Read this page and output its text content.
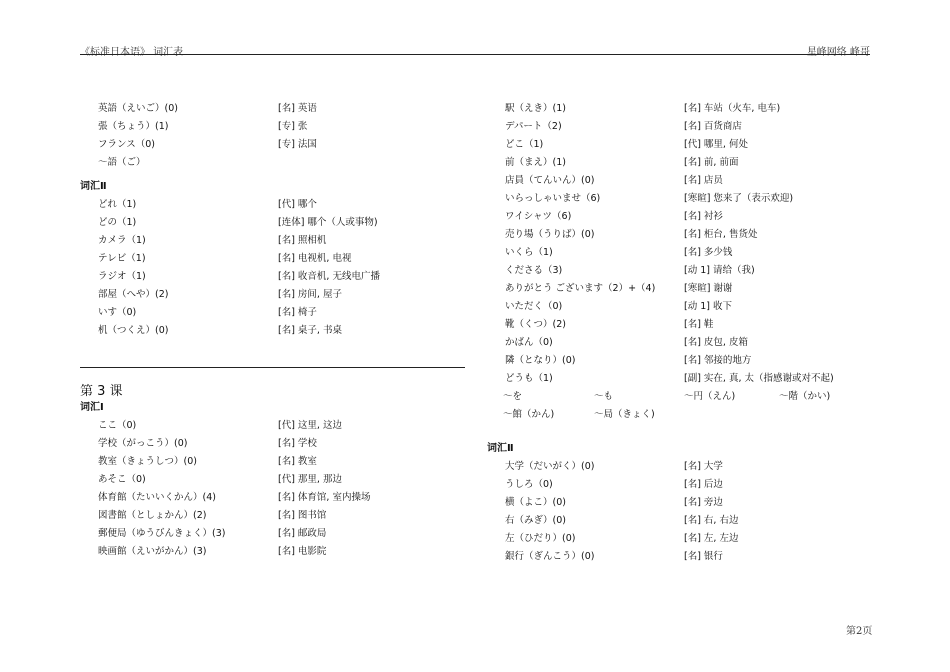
《标准日本语》 词汇表	星峰网络 峰哥
英語（えいご）(0)	[名] 英语
張（ちょう）(1)	[专] 张
フランス（0)	[专] 法国
～語（ご）
词汇Ⅱ
どれ（1)	[代] 哪个
どの（1)	[连体] 哪个（人或事物)
カメラ（1)	[名] 照相机
テレビ（1)	[名] 电视机, 电视
ラジオ（1)	[名] 收音机, 无线电广播
部屋（へや）(2)	[名] 房间, 屋子
いす（0)	[名] 椅子
机（つくえ）(0)	[名] 桌子, 书桌
第 3 课
词汇Ⅰ
ここ（0)	[代] 这里, 这边
学校（がっこう）(0)	[名] 学校
教室（きょうしつ）(0)	[名] 教室
あそこ（0)	[代] 那里, 那边
体育館（たいいくかん）(4)	[名] 体育馆, 室内操场
図書館（としょかん）(2)	[名] 图书馆
郵便局（ゆうびんきょく）(3)	[名] 邮政局
映画館（えいがかん）(3)	[名] 电影院
駅（えき）(1)	[名] 车站（火车, 电车)
デパート（2)	[名] 百货商店
どこ（1)	[代] 哪里, 何处
前（まえ）(1)	[名] 前, 前面
店員（てんいん）(0)	[名] 店员
いらっしゃいませ（6)	[寒暄] 您来了（表示欢迎)
ワイシャツ（6)	[名] 衬衫
売り場（うりば）(0)	[名] 柜台, 售货处
いくら（1)	[名] 多少钱
くださる（3)	[动 1] 请给（我)
ありがとう ございます（2）+（4)	[寒暄] 谢谢
いただく（0)	[动 1] 收下
靴（くつ）(2)	[名] 鞋
かばん（0)	[名] 皮包, 皮箱
隣（となり）(0)	[名] 邻接的地方
どうも（1)	[副] 实在, 真, 太（指感谢或对不起)
～を	～も	～円（えん)	～階（かい)
～館（かん)	～局（きょく)
词汇Ⅱ
大学（だいがく）(0)	[名] 大学
うしろ（0)	[名] 后边
横（よこ）(0)	[名] 旁边
右（みぎ）(0)	[名] 右, 右边
左（ひだり）(0)	[名] 左, 左边
銀行（ぎんこう）(0)	[名] 银行
第2页
